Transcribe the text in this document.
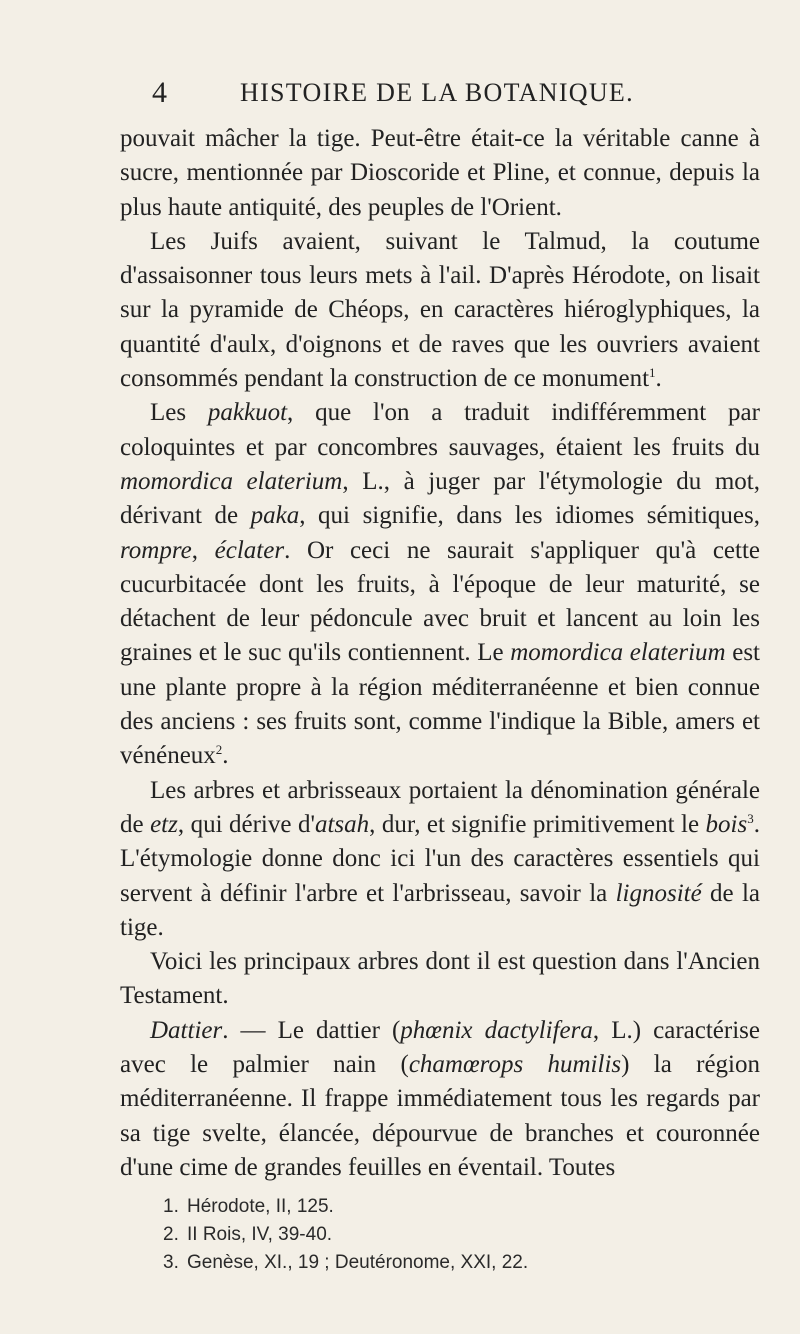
4	HISTOIRE DE LA BOTANIQUE.

pouvait mâcher la tige. Peut-être était-ce la véritable canne à sucre, mentionnée par Dioscoride et Pline, et connue, depuis la plus haute antiquité, des peuples de l'Orient.

Les Juifs avaient, suivant le Talmud, la coutume d'assaisonner tous leurs mets à l'ail. D'après Hérodote, on lisait sur la pyramide de Chéops, en caractères hiéroglyphiques, la quantité d'aulx, d'oignons et de raves que les ouvriers avaient consommés pendant la construction de ce monument$^1$.

Les pakkuot, que l'on a traduit indifféremment par coloquintes et par concombres sauvages, étaient les fruits du momordica elaterium, L., à juger par l'étymologie du mot, dérivant de paka, qui signifie, dans les idiomes sémitiques, rompre, éclater. Or ceci ne saurait s'appliquer qu'à cette cucurbitacée dont les fruits, à l'époque de leur maturité, se détachent de leur pédoncule avec bruit et lancent au loin les graines et le suc qu'ils contiennent. Le momordica elaterium est une plante propre à la région méditerranéenne et bien connue des anciens : ses fruits sont, comme l'indique la Bible, amers et vénéneux$^2$.

Les arbres et arbrisseaux portaient la dénomination générale de etz, qui dérive d'atsah, dur, et signifie primitivement le bois$^3$. L'étymologie donne donc ici l'un des caractères essentiels qui servent à définir l'arbre et l'arbrisseau, savoir la lignosité de la tige.

Voici les principaux arbres dont il est question dans l'Ancien Testament.

Dattier. — Le dattier (phœnix dactylifera, L.) caractérise avec le palmier nain (chamœrops humilis) la région méditerranéenne. Il frappe immédiatement tous les regards par sa tige svelte, élancée, dépourvue de branches et couronnée d'une cime de grandes feuilles en éventail. Toutes

1. Hérodote, II, 125.
2. II Rois, IV, 39-40.
3. Genèse, XI., 19 ; Deutéronome, XXI, 22.
